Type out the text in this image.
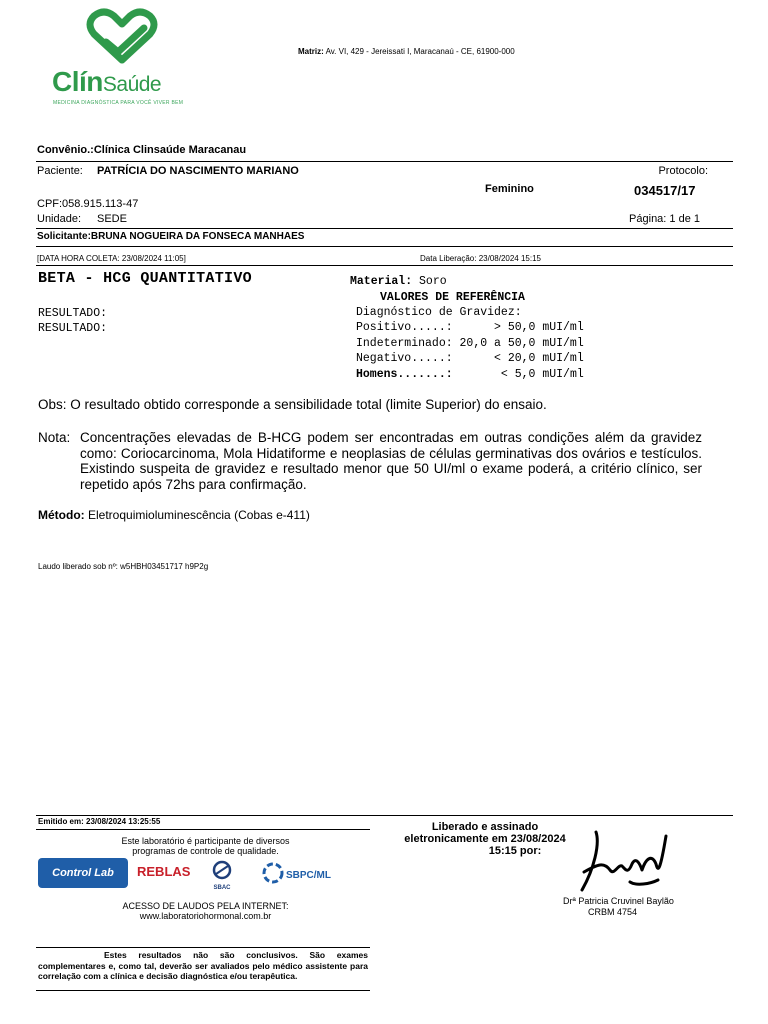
ClínSaúde
MEDICINA DIAGNÓSTICA PARA VOCÊ VIVER BEM
Matriz: Av. VI, 429 - Jereissati I, Maracanaú - CE, 61900-000
Convênio.:Clínica Clinsaúde Maracanau
Paciente: PATRÍCIA DO NASCIMENTO MARIANO	Protocolo:
Feminino	034517/17
CPF:058.915.113-47
Unidade: SEDE	Página: 1 de 1
Solicitante:BRUNA NOGUEIRA DA FONSECA MANHAES
[DATA HORA COLETA: 23/08/2024 11:05]	Data Liberação: 23/08/2024 15:15
BETA - HCG QUANTITATIVO	Material: Soro
VALORES DE REFERÊNCIA
RESULTADO:
RESULTADO:
Diagnóstico de Gravidez:
Positivo.....:      > 50,0 mUI/ml
Indeterminado: 20,0 a 50,0 mUI/ml
Negativo.....:      < 20,0 mUI/ml
Homens.......:       < 5,0 mUI/ml
Obs: O resultado obtido corresponde a sensibilidade total (limite Superior) do ensaio.
Nota: Concentrações elevadas de B-HCG podem ser encontradas em outras condições além da gravidez como: Coriocarcinoma, Mola Hidatiforme e neoplasias de células germinativas dos ovários e testículos. Existindo suspeita de gravidez e resultado menor que 50 UI/ml o exame poderá, a critério clínico, ser repetido após 72hs para confirmação.
Método: Eletroquimioluminescência (Cobas e-411)
Laudo liberado sob nº: w5HBH03451717 h9P2g
Emitido em: 23/08/2024 13:25:55
Este laboratório é participante de diversos
programas de controle de qualidade.
Control Lab	REBLAS
SBAC
SBPC/ML
ACESSO DE LAUDOS PELA INTERNET:
www.laboratoriohormonal.com.br
Liberado e assinado
eletronicamente em 23/08/2024
15:15 por:
Drª Patricia Cruvinel Baylão
CRBM 4754
Estes resultados não são conclusivos. São exames complementares e, como tal, deverão ser avaliados pelo médico assistente para correlação com a clínica e decisão diagnóstica e/ou terapêutica.
